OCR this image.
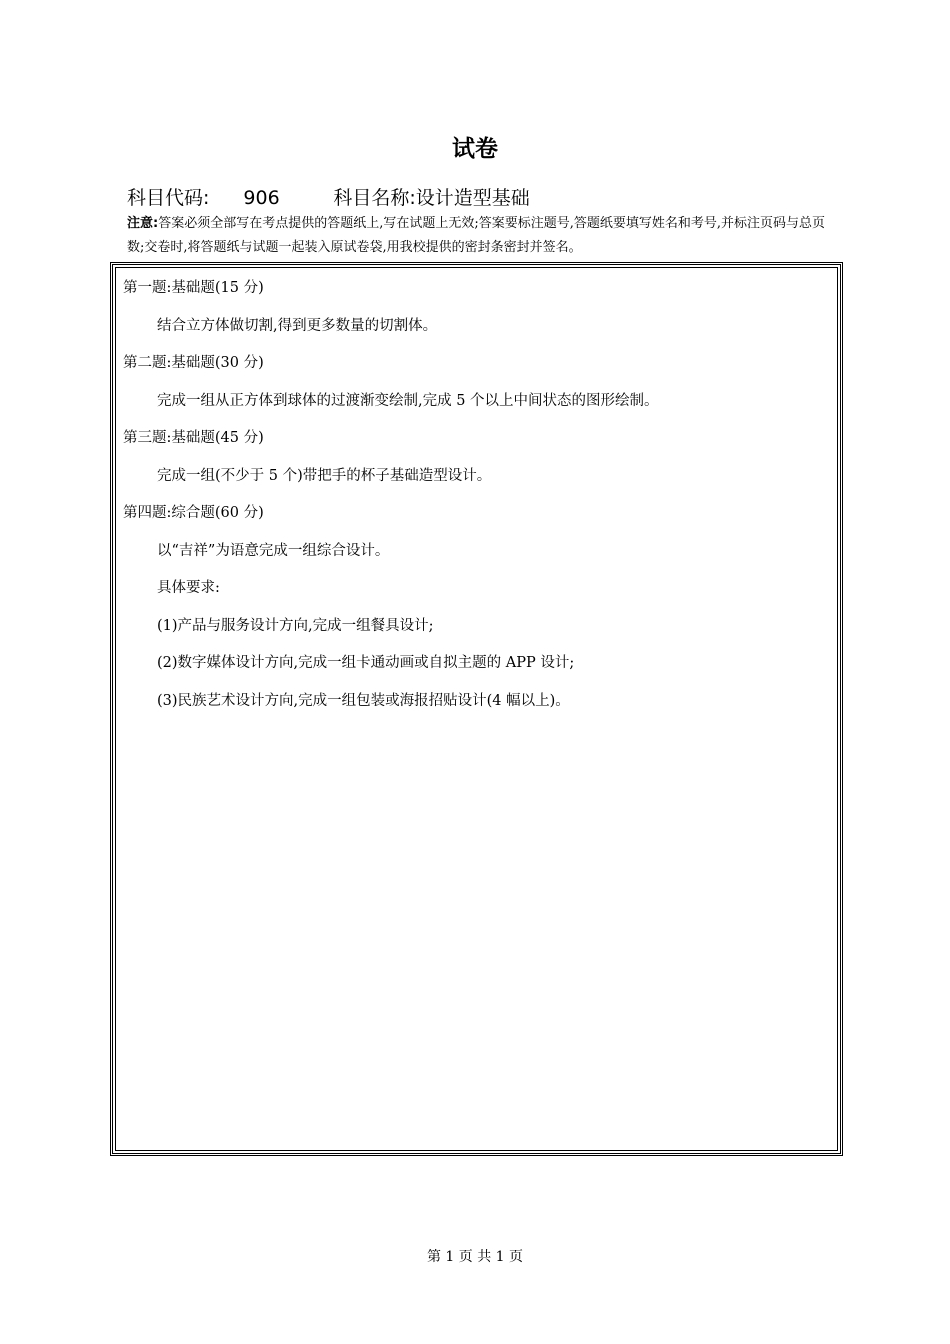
试卷
科目代码: 906	科目名称:设计造型基础
注意:答案必须全部写在考点提供的答题纸上,写在试题上无效;答案要标注题号,答题纸要填写姓名和考号,并标注页码与总页数;交卷时,将答题纸与试题一起装入原试卷袋,用我校提供的密封条密封并签名。
第一题:基础题(15 分)
结合立方体做切割,得到更多数量的切割体。
第二题:基础题(30 分)
完成一组从正方体到球体的过渡渐变绘制,完成 5 个以上中间状态的图形绘制。
第三题:基础题(45 分)
完成一组(不少于 5 个)带把手的杯子基础造型设计。
第四题:综合题(60 分)
以“吉祥”为语意完成一组综合设计。
具体要求:
(1)产品与服务设计方向,完成一组餐具设计;
(2)数字媒体设计方向,完成一组卡通动画或自拟主题的 APP 设计;
(3)民族艺术设计方向,完成一组包装或海报招贴设计(4 幅以上)。
第 1 页 共 1 页
